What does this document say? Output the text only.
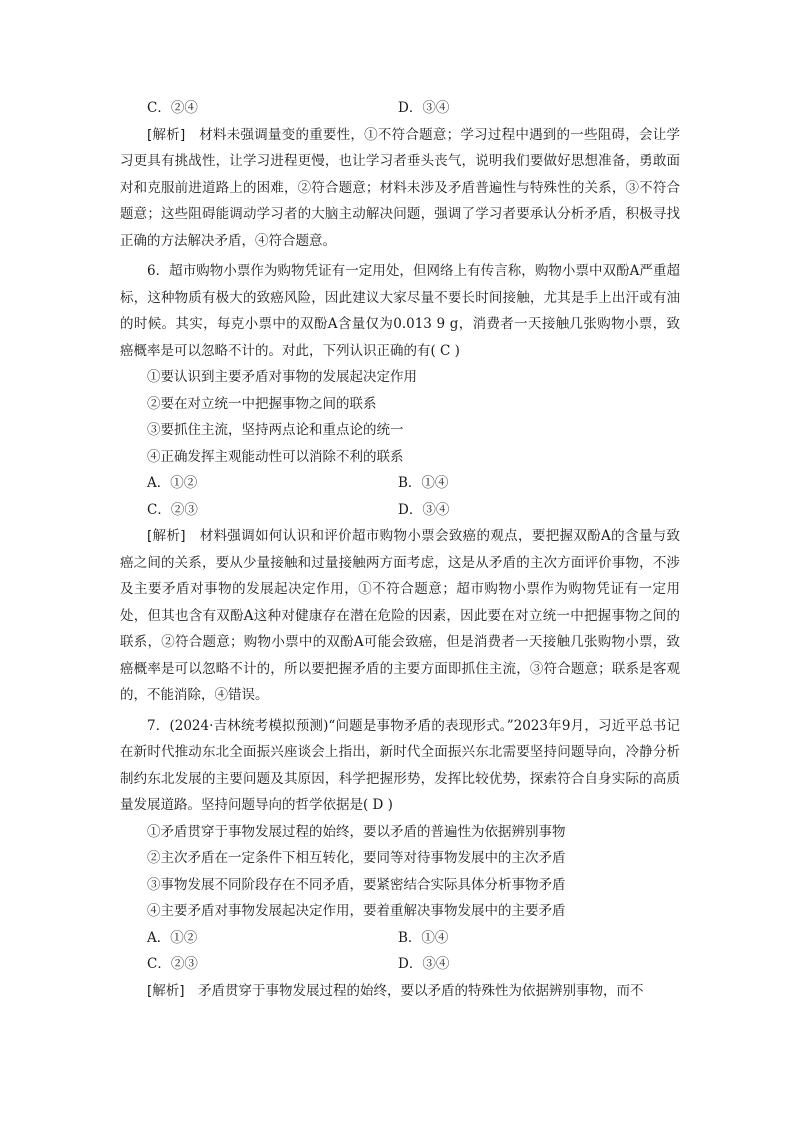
C．②④	D．③④

[解析]　材料未强调量变的重要性，①不符合题意；学习过程中遇到的一些阻碍，会让学习更具有挑战性，让学习进程更慢，也让学习者垂头丧气，说明我们要做好思想准备，勇敢面对和克服前进道路上的困难，②符合题意；材料未涉及矛盾普遍性与特殊性的关系，③不符合题意；这些阻碍能调动学习者的大脑主动解决问题，强调了学习者要承认分析矛盾，积极寻找正确的方法解决矛盾，④符合题意。

6．超市购物小票作为购物凭证有一定用处，但网络上有传言称，购物小票中双酚A严重超标，这种物质有极大的致癌风险，因此建议大家尽量不要长时间接触，尤其是手上出汗或有油的时候。其实，每克小票中的双酚A含量仅为0.013 9 g，消费者一天接触几张购物小票，致癌概率是可以忽略不计的。对此，下列认识正确的有( C )

①要认识到主要矛盾对事物的发展起决定作用

②要在对立统一中把握事物之间的联系

③要抓住主流，坚持两点论和重点论的统一

④正确发挥主观能动性可以消除不利的联系

A．①②	B．①④
C．②③	D．③④

[解析]　材料强调如何认识和评价超市购物小票会致癌的观点，要把握双酚A的含量与致癌之间的关系，要从少量接触和过量接触两方面考虑，这是从矛盾的主次方面评价事物，不涉及主要矛盾对事物的发展起决定作用，①不符合题意；超市购物小票作为购物凭证有一定用处，但其也含有双酚A这种对健康存在潜在危险的因素，因此要在对立统一中把握事物之间的联系，②符合题意；购物小票中的双酚A可能会致癌，但是消费者一天接触几张购物小票，致癌概率是可以忽略不计的，所以要把握矛盾的主要方面即抓住主流，③符合题意；联系是客观的，不能消除，④错误。

7．(2024·吉林统考模拟预测)“问题是事物矛盾的表现形式。”2023年9月，习近平总书记在新时代推动东北全面振兴座谈会上指出，新时代全面振兴东北需要坚持问题导向，冷静分析制约东北发展的主要问题及其原因，科学把握形势，发挥比较优势，探索符合自身实际的高质量发展道路。坚持问题导向的哲学依据是( D )

①矛盾贯穿于事物发展过程的始终，要以矛盾的普遍性为依据辨别事物

②主次矛盾在一定条件下相互转化，要同等对待事物发展中的主次矛盾

③事物发展不同阶段存在不同矛盾，要紧密结合实际具体分析事物矛盾

④主要矛盾对事物发展起决定作用，要着重解决事物发展中的主要矛盾

A．①②	B．①④
C．②③	D．③④

[解析]　矛盾贯穿于事物发展过程的始终，要以矛盾的特殊性为依据辨别事物，而不
